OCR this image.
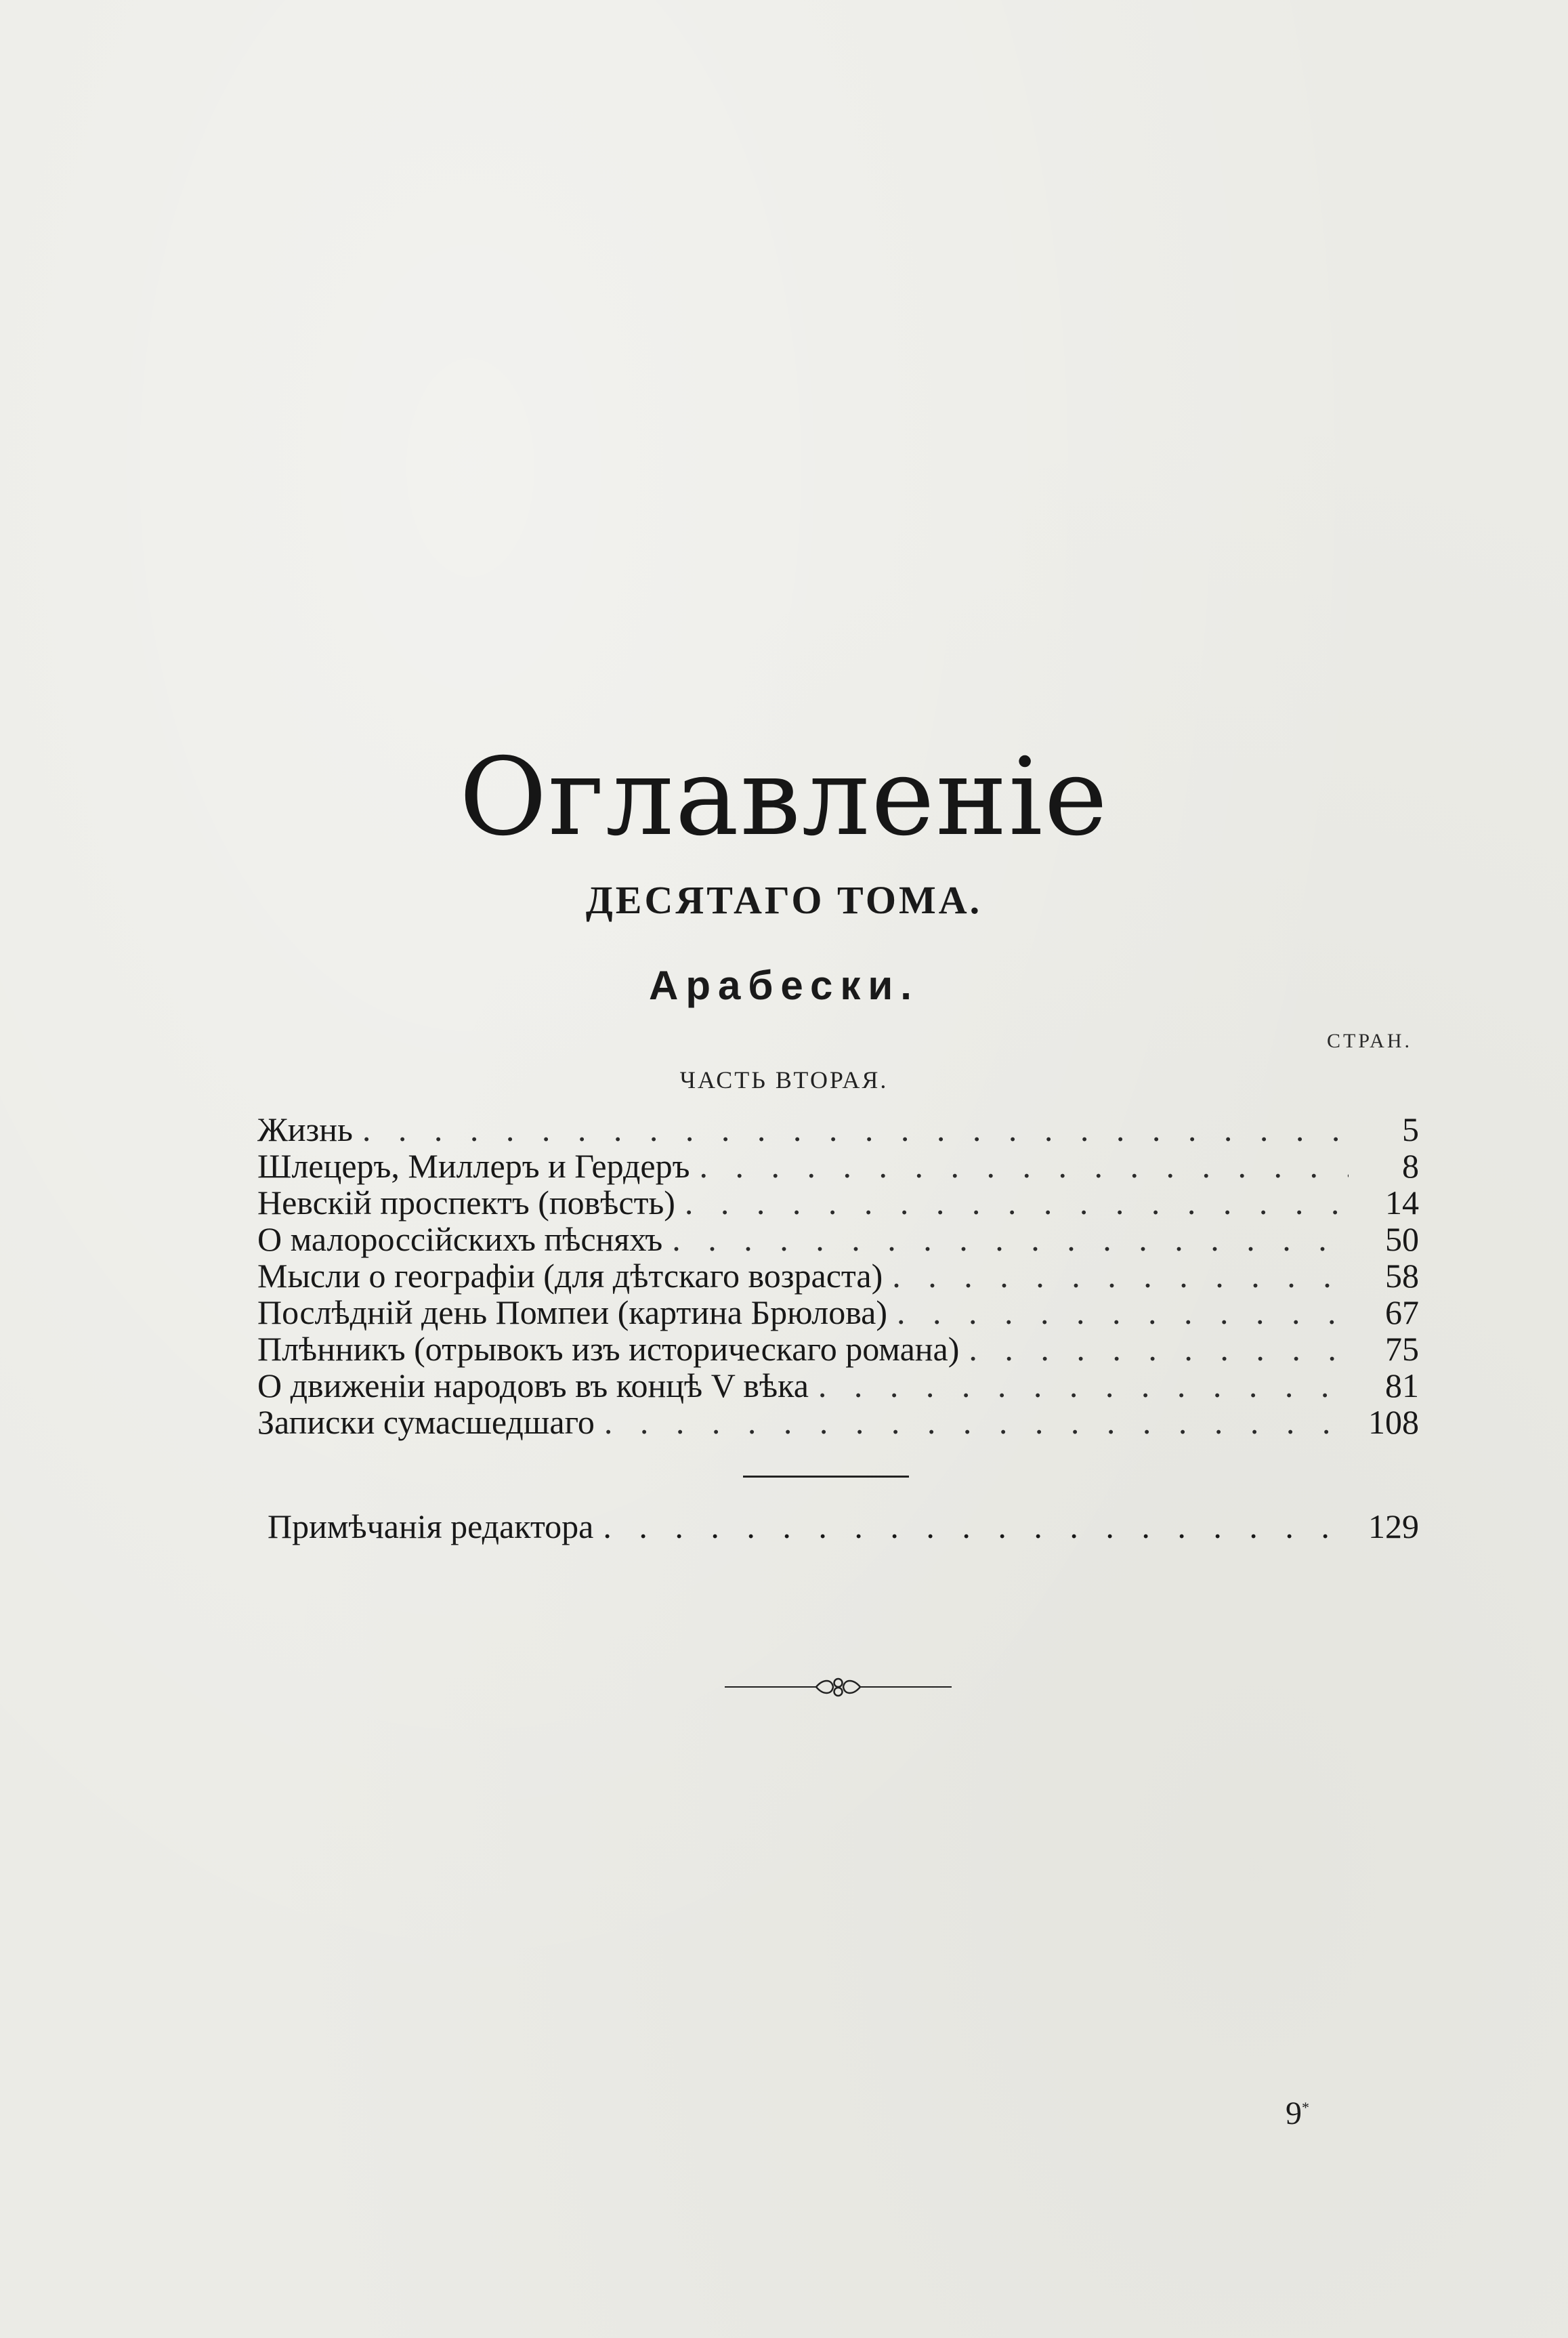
Оглавленіе
ДЕСЯТАГО ТОМА.
Арабески.
СТРАН.
ЧАСТЬ ВТОРАЯ.
Жизнь . . .	5
Шлецеръ, Миллеръ и Гердеръ . . .	8
Невскій проспектъ (повѣсть) . . .	14
О малороссійскихъ пѣсняхъ . . .	50
Мысли о географіи (для дѣтскаго возраста) . . .	58
Послѣдній день Помпеи (картина Брюлова) . . .	67
Плѣнникъ (отрывокъ изъ историческаго романа) . . .	75
О движеніи народовъ въ концѣ V вѣка . . .	81
Записки сумасшедшаго . . .	108
Примѣчанія редактора . . .	129
9*
